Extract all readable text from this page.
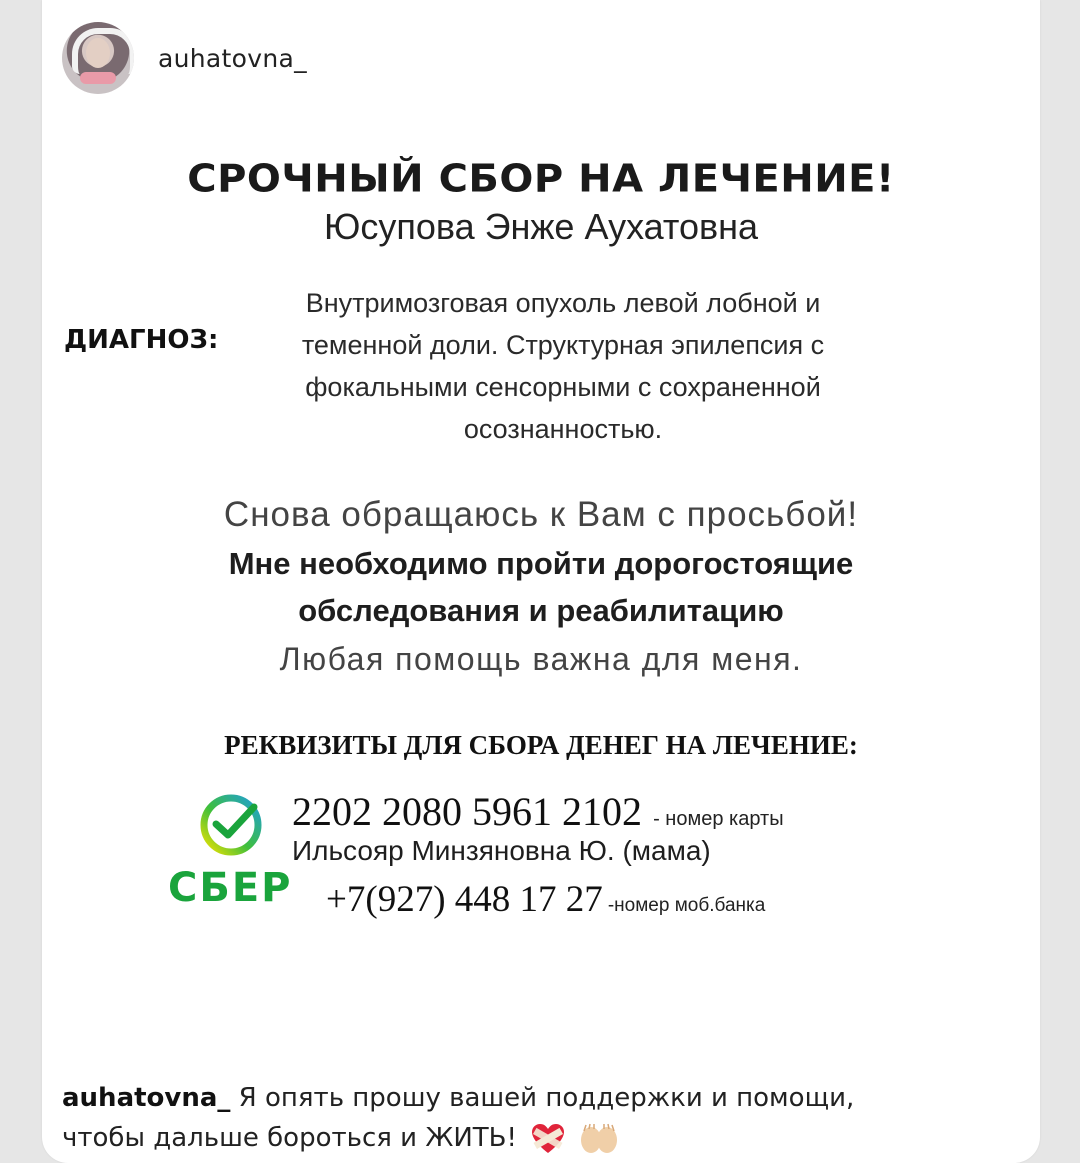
auhatovna_
СРОЧНЫЙ СБОР НА ЛЕЧЕНИЕ!
Юсупова Энже Аухатовна
ДИАГНОЗ:
Внутримозговая опухоль левой лобной и
теменной доли. Структурная эпилепсия с
фокальными сенсорными с сохраненной
осознанностью.
Снова обращаюсь к Вам с просьбой!
Мне необходимо пройти дорогостоящие
обследования и реабилитацию
Любая помощь важна для меня.
РЕКВИЗИТЫ ДЛЯ СБОРА ДЕНЕГ НА ЛЕЧЕНИЕ:
СБЕР
2202 2080 5961 2102 - номер карты
Ильсояр Минзяновна Ю. (мама)
+7(927) 448 17 27 -номер моб.банка
auhatovna_ Я опять прошу вашей поддержки и помощи,
чтобы дальше бороться и ЖИТЬ!
